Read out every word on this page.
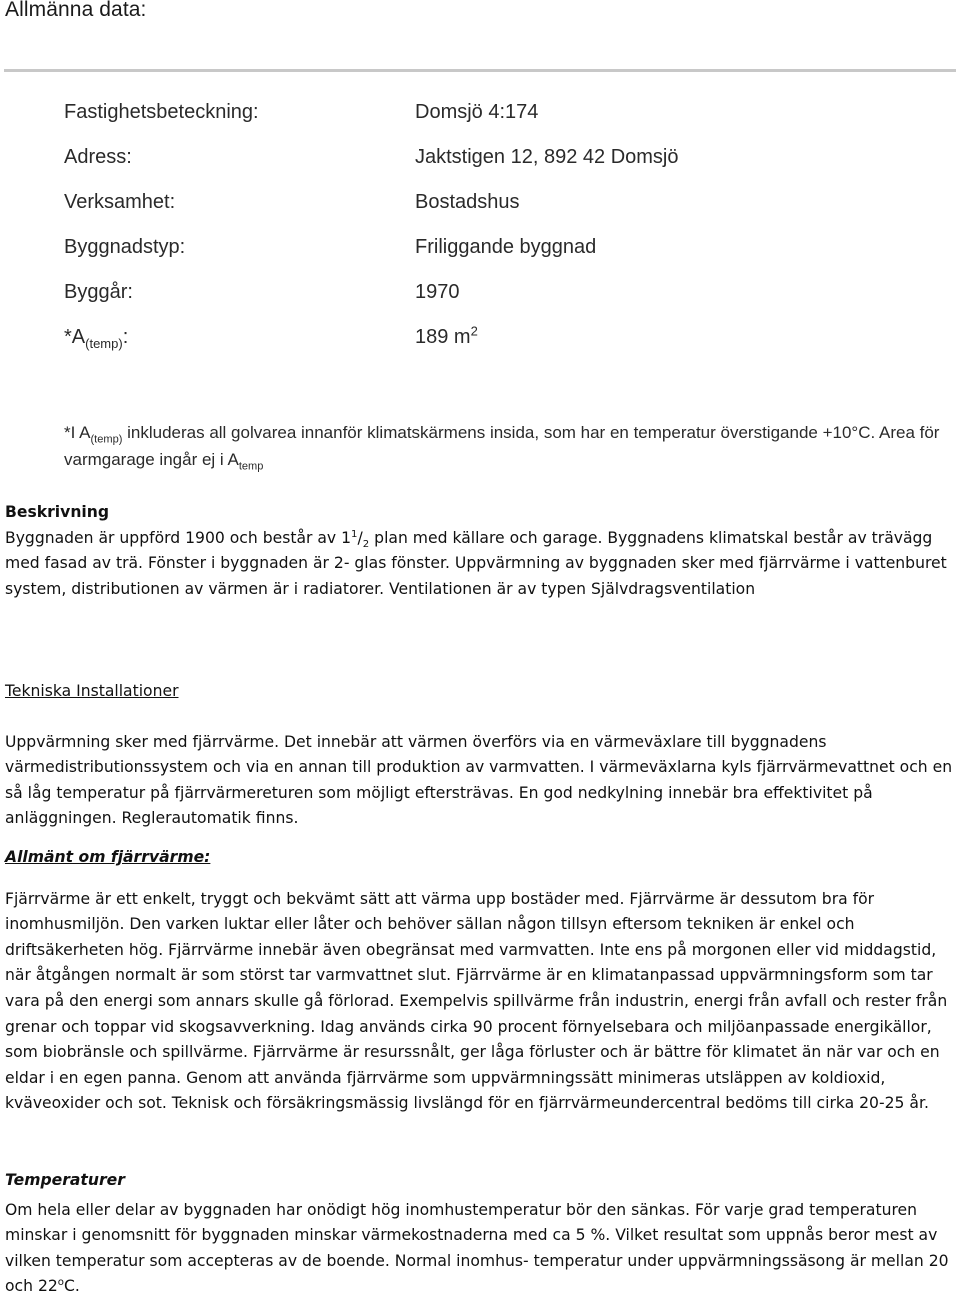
Allmänna data:
Fastighetsbeteckning:	Domsjö 4:174
Adress:	Jaktstigen 12, 892 42 Domsjö
Verksamhet:	Bostadshus
Byggnadstyp:	Friliggande byggnad
Byggår:	1970
$*A_{(temp)}$:	189 $m^2$
*I $A_{(temp)}$ inkluderas all golvarea innanför klimatskärmens insida, som har en temperatur överstigande +10°C. Area för varmgarage ingår ej i $A_{temp}$

Beskrivning

Byggnaden är uppförd 1900 och består av $1^1/_2$ plan med källare och garage. Byggnadens klimatskal består av trävägg med fasad av trä. Fönster i byggnaden är 2- glas fönster. Uppvärmning av byggnaden sker med fjärrvärme i vattenburet system, distributionen av värmen är i radiatorer. Ventilationen är av typen Självdragsventilation

Tekniska Installationer

Uppvärmning sker med fjärrvärme. Det innebär att värmen överförs via en värmeväxlare till byggnadens värmedistributionssystem och via en annan till produktion av varmvatten. I värmeväxlarna kyls fjärrvärmevattnet och en så låg temperatur på fjärrvärmereturen som möjligt eftersträvas. En god nedkylning innebär bra effektivitet på anläggningen. Reglerautomatik finns.

Allmänt om fjärrvärme:

Fjärrvärme är ett enkelt, tryggt och bekvämt sätt att värma upp bostäder med. Fjärrvärme är dessutom bra för inomhusmiljön. Den varken luktar eller låter och behöver sällan någon tillsyn eftersom tekniken är enkel och driftsäkerheten hög. Fjärrvärme innebär även obegränsat med varmvatten. Inte ens på morgonen eller vid middagstid, när åtgången normalt är som störst tar varmvattnet slut. Fjärrvärme är en klimatanpassad uppvärmningsform som tar vara på den energi som annars skulle gå förlorad. Exempelvis spillvärme från industrin, energi från avfall och rester från grenar och toppar vid skogsavverkning. Idag används cirka 90 procent förnyelsebara och miljöanpassade energikällor, som biobränsle och spillvärme. Fjärrvärme är resurssnålt, ger låga förluster och är bättre för klimatet än när var och en eldar i en egen panna. Genom att använda fjärrvärme som uppvärmningssätt minimeras utsläppen av koldioxid, kväveoxider och sot. Teknisk och försäkringsmässig livslängd för en fjärrvärmeundercentral bedöms till cirka 20-25 år.

Temperaturer

Om hela eller delar av byggnaden har onödigt hög inomhustemperatur bör den sänkas. För varje grad temperaturen minskar i genomsnitt för byggnaden minskar värmekostnaderna med ca 5 %. Vilket resultat som uppnås beror mest av vilken temperatur som accepteras av de boende. Normal inomhus- temperatur under uppvärmningssäsong är mellan 20 och 22$^o$C.
